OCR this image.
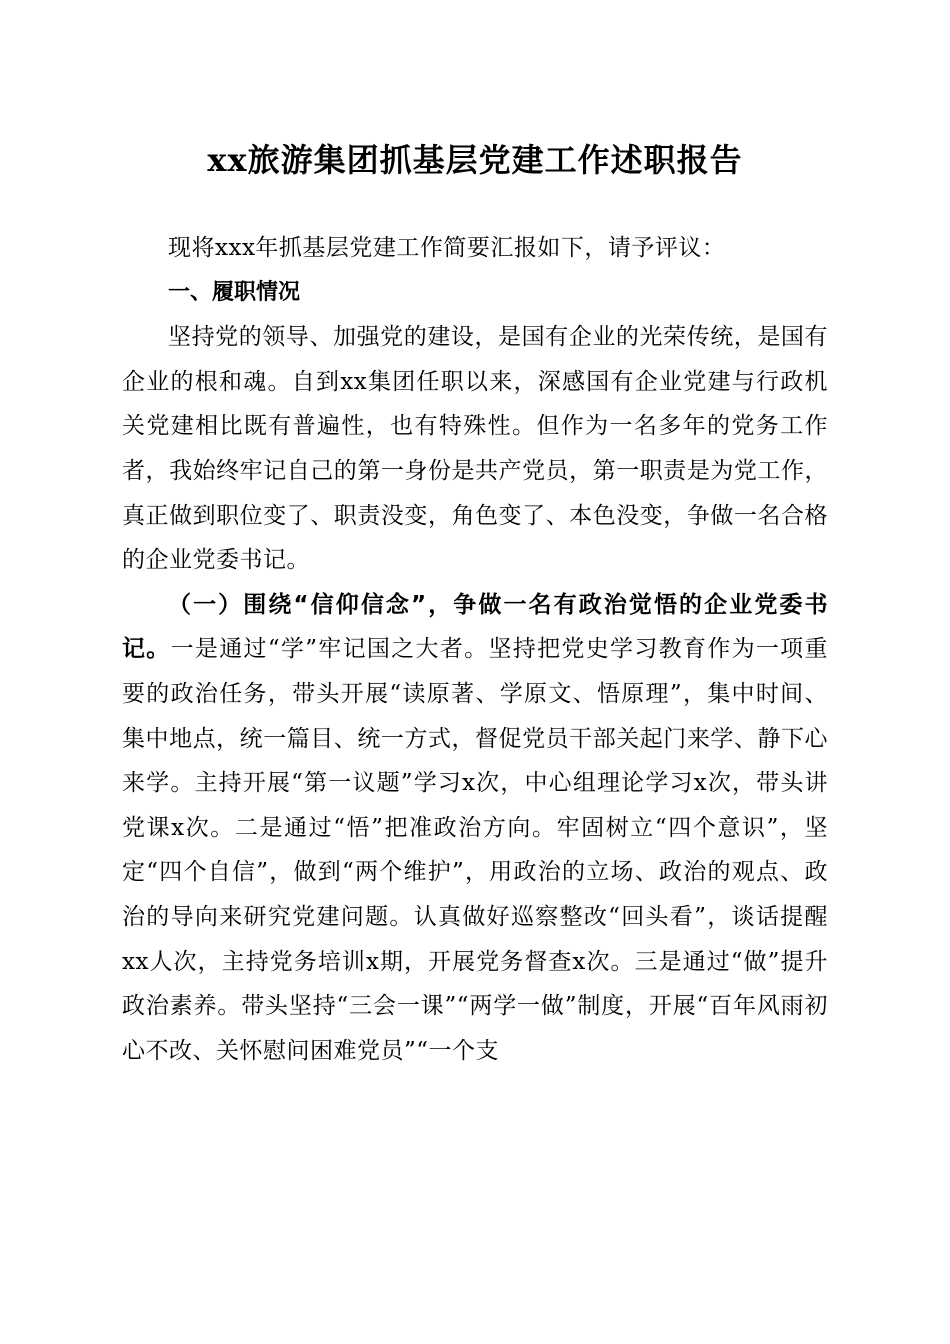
xx旅游集团抓基层党建工作述职报告

现将xxx年抓基层党建工作简要汇报如下，请予评议：

一、履职情况

坚持党的领导、加强党的建设，是国有企业的光荣传统，是国有企业的根和魂。自到xx集团任职以来，深感国有企业党建与行政机关党建相比既有普遍性，也有特殊性。但作为一名多年的党务工作者，我始终牢记自己的第一身份是共产党员，第一职责是为党工作，真正做到职位变了、职责没变，角色变了、本色没变，争做一名合格的企业党委书记。

（一）围绕“信仰信念”，争做一名有政治觉悟的企业党委书记。一是通过“学”牢记国之大者。坚持把党史学习教育作为一项重要的政治任务，带头开展“读原著、学原文、悟原理”，集中时间、集中地点，统一篇目、统一方式，督促党员干部关起门来学、静下心来学。主持开展“第一议题”学习x次，中心组理论学习x次，带头讲党课x次。二是通过“悟”把准政治方向。牢固树立“四个意识”，坚定“四个自信”，做到“两个维护”，用政治的立场、政治的观点、政治的导向来研究党建问题。认真做好巡察整改“回头看”，谈话提醒xx人次，主持党务培训x期，开展党务督查x次。三是通过“做”提升政治素养。带头坚持“三会一课”“两学一做”制度，开展“百年风雨初心不改、关怀慰问困难党员”“一个支
